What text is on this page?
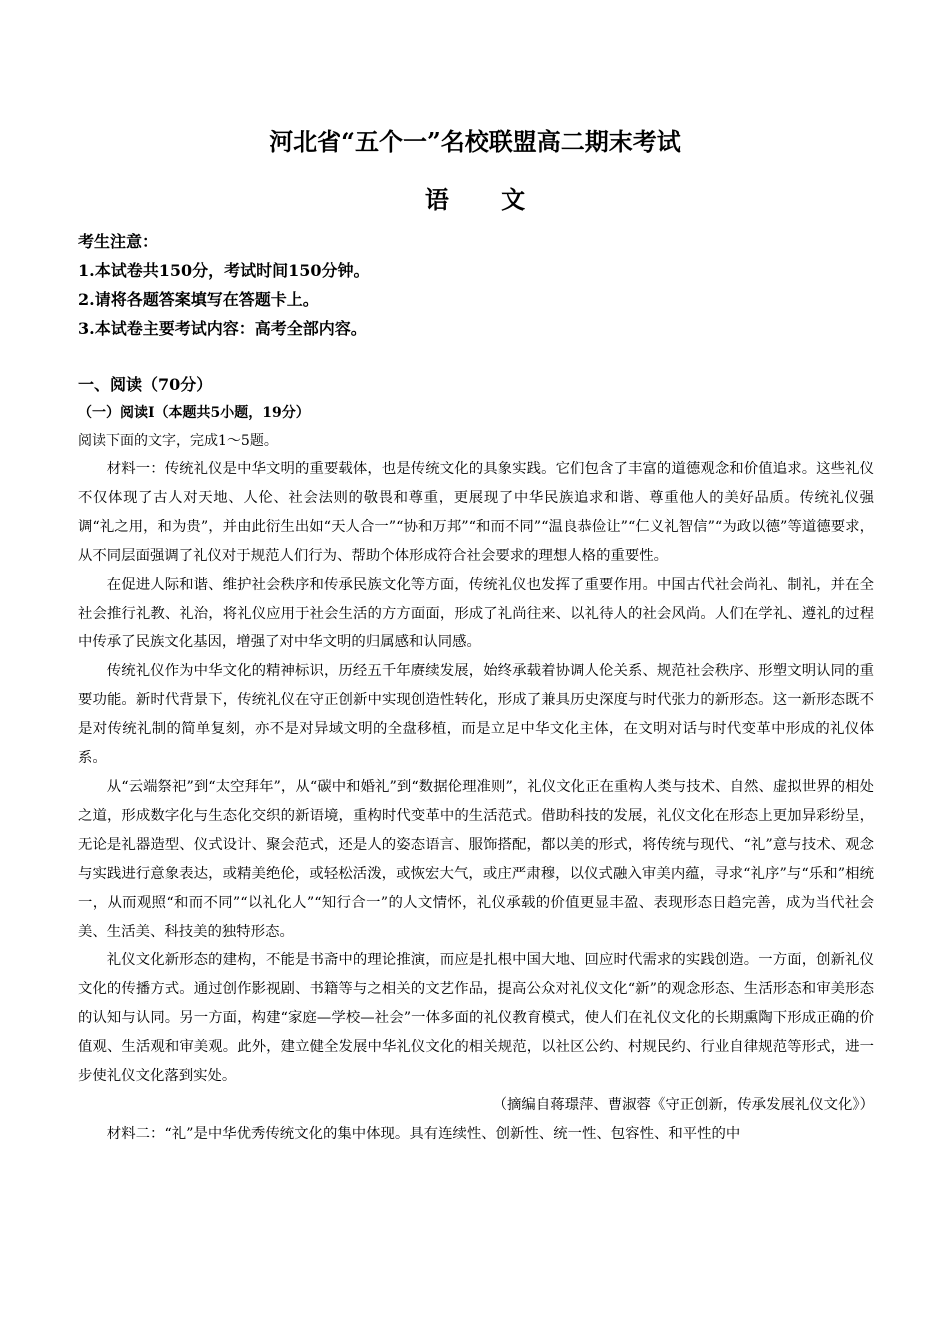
河北省“五个一”名校联盟高二期末考试
语 文
考生注意：
1.本试卷共150分，考试时间150分钟。
2.请将各题答案填写在答题卡上。
3.本试卷主要考试内容：高考全部内容。
一、阅读（70分）
（一）阅读Ⅰ（本题共5小题，19分）
阅读下面的文字，完成1～5题。

材料一：传统礼仪是中华文明的重要载体，也是传统文化的具象实践。它们包含了丰富的道德观念和价值追求。这些礼仪不仅体现了古人对天地、人伦、社会法则的敬畏和尊重，更展现了中华民族追求和谐、尊重他人的美好品质。传统礼仪强调“礼之用，和为贵”，并由此衍生出如“天人合一”“协和万邦”“和而不同”“温良恭俭让”“仁义礼智信”“为政以德”等道德要求，从不同层面强调了礼仪对于规范人们行为、帮助个体形成符合社会要求的理想人格的重要性。

在促进人际和谐、维护社会秩序和传承民族文化等方面，传统礼仪也发挥了重要作用。中国古代社会尚礼、制礼，并在全社会推行礼教、礼治，将礼仪应用于社会生活的方方面面，形成了礼尚往来、以礼待人的社会风尚。人们在学礼、遵礼的过程中传承了民族文化基因，增强了对中华文明的归属感和认同感。

传统礼仪作为中华文化的精神标识，历经五千年赓续发展，始终承载着协调人伦关系、规范社会秩序、形塑文明认同的重要功能。新时代背景下，传统礼仪在守正创新中实现创造性转化，形成了兼具历史深度与时代张力的新形态。这一新形态既不是对传统礼制的简单复刻，亦不是对异域文明的全盘移植，而是立足中华文化主体，在文明对话与时代变革中形成的礼仪体系。

从“云端祭祀”到“太空拜年”，从“碳中和婚礼”到“数据伦理准则”，礼仪文化正在重构人类与技术、自然、虚拟世界的相处之道，形成数字化与生态化交织的新语境，重构时代变革中的生活范式。借助科技的发展，礼仪文化在形态上更加异彩纷呈，无论是礼器造型、仪式设计、聚会范式，还是人的姿态语言、服饰搭配，都以美的形式，将传统与现代、“礼”意与技术、观念与实践进行意象表达，或精美绝伦，或轻松活泼，或恢宏大气，或庄严肃穆，以仪式融入审美内蕴，寻求“礼序”与“乐和”相统一，从而观照“和而不同”“以礼化人”“知行合一”的人文情怀，礼仪承载的价值更显丰盈、表现形态日趋完善，成为当代社会美、生活美、科技美的独特形态。

礼仪文化新形态的建构，不能是书斋中的理论推演，而应是扎根中国大地、回应时代需求的实践创造。一方面，创新礼仪文化的传播方式。通过创作影视剧、书籍等与之相关的文艺作品，提高公众对礼仪文化“新”的观念形态、生活形态和审美形态的认知与认同。另一方面，构建“家庭—学校—社会”一体多面的礼仪教育模式，使人们在礼仪文化的长期熏陶下形成正确的价值观、生活观和审美观。此外，建立健全发展中华礼仪文化的相关规范，以社区公约、村规民约、行业自律规范等形式，进一步使礼仪文化落到实处。

（摘编自蒋璟萍、曹淑蓉《守正创新，传承发展礼仪文化》）

材料二：“礼”是中华优秀传统文化的集中体现。具有连续性、创新性、统一性、包容性、和平性的中
